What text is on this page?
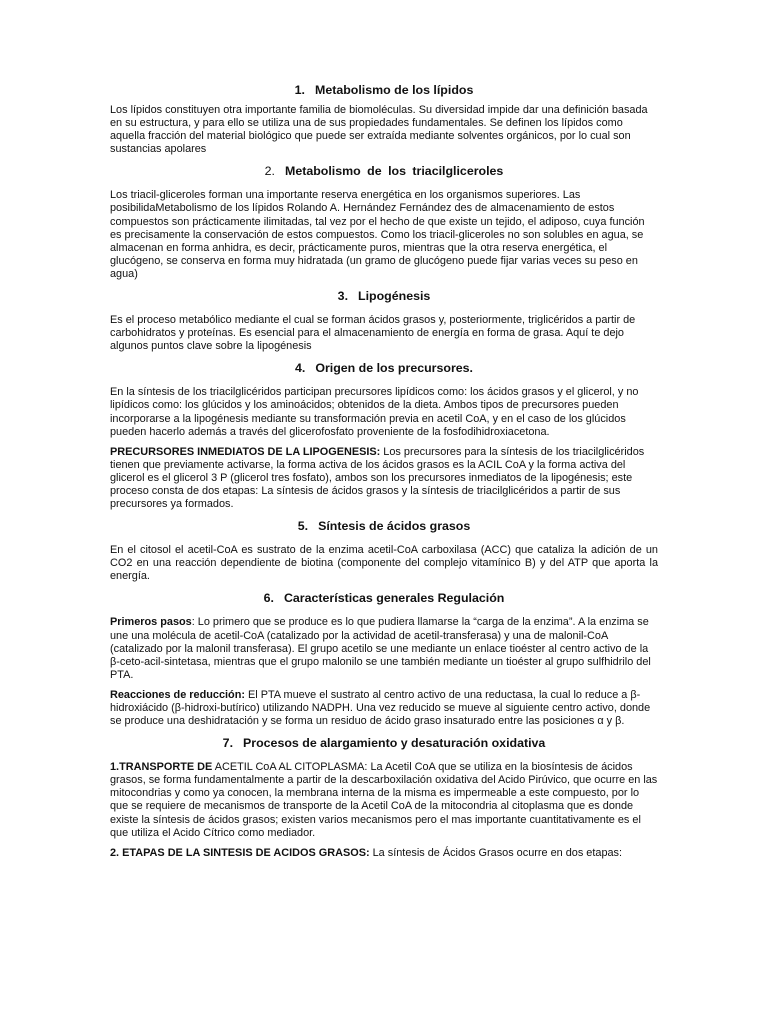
1. Metabolismo de los lípidos

Los lípidos constituyen otra importante familia de biomoléculas. Su diversidad impide dar una definición basada en su estructura, y para ello se utiliza una de sus propiedades fundamentales. Se definen los lípidos como aquella fracción del material biológico que puede ser extraída mediante solventes orgánicos, por lo cual son sustancias apolares

2. Metabolismo de los triacilgliceroles

Los triacil-gliceroles forman una importante reserva energética en los organismos superiores. Las posibilidaMetabolismo de los lípidos Rolando A. Hernández Fernández des de almacenamiento de estos compuestos son prácticamente ilimitadas, tal vez por el hecho de que existe un tejido, el adiposo, cuya función es precisamente la conservación de estos compuestos. Como los triacil-gliceroles no son solubles en agua, se almacenan en forma anhidra, es decir, prácticamente puros, mientras que la otra reserva energética, el glucógeno, se conserva en forma muy hidratada (un gramo de glucógeno puede fijar varias veces su peso en agua)

3. Lipogénesis

Es el proceso metabólico mediante el cual se forman ácidos grasos y, posteriormente, triglicéridos a partir de carbohidratos y proteínas. Es esencial para el almacenamiento de energía en forma de grasa. Aquí te dejo algunos puntos clave sobre la lipogénesis

4. Origen de los precursores.

En la síntesis de los triacilglicéridos participan precursores lipídicos como: los ácidos grasos y el glicerol, y no lipídicos como: los glúcidos y los aminoácidos; obtenidos de la dieta. Ambos tipos de precursores pueden incorporarse a la lipogénesis mediante su transformación previa en acetil CoA, y en el caso de los glúcidos pueden hacerlo además a través del glicerofosfato proveniente de la fosfodihidroxiacetona.

PRECURSORES INMEDIATOS DE LA LIPOGENESIS: Los precursores para la síntesis de los triacilglicéridos tienen que previamente activarse, la forma activa de los ácidos grasos es la ACIL CoA y la forma activa del glicerol es el glicerol 3 P (glicerol tres fosfato), ambos son los precursores inmediatos de la lipogénesis; este proceso consta de dos etapas: La síntesis de ácidos grasos y la síntesis de triacilglicéridos a partir de sus precursores ya formados.

5. Síntesis de ácidos grasos

En el citosol el acetil-CoA es sustrato de la enzima acetil-CoA carboxilasa (ACC) que cataliza la adición de un CO2 en una reacción dependiente de biotina (componente del complejo vitamínico B) y del ATP que aporta la energía.

6. Características generales Regulación

Primeros pasos: Lo primero que se produce es lo que pudiera llamarse la “carga de la enzima”. A la enzima se une una molécula de acetil-CoA (catalizado por la actividad de acetil-transferasa) y una de malonil-CoA (catalizado por la malonil transferasa). El grupo acetilo se une mediante un enlace tioéster al centro activo de la β-ceto-acil-sintetasa, mientras que el grupo malonilo se une también mediante un tioéster al grupo sulfhidrilo del PTA.

Reacciones de reducción: El PTA mueve el sustrato al centro activo de una reductasa, la cual lo reduce a β-hidroxiácido (β-hidroxi-butírico) utilizando NADPH. Una vez reducido se mueve al siguiente centro activo, donde se produce una deshidratación y se forma un residuo de ácido graso insaturado entre las posiciones α y β.

7. Procesos de alargamiento y desaturación oxidativa

1.TRANSPORTE DE ACETIL CoA AL CITOPLASMA: La Acetil CoA que se utiliza en la biosíntesis de ácidos grasos, se forma fundamentalmente a partir de la descarboxilación oxidativa del Acido Pirúvico, que ocurre en las mitocondrias y como ya conocen, la membrana interna de la misma es impermeable a este compuesto, por lo que se requiere de mecanismos de transporte de la Acetil CoA de la mitocondria al citoplasma que es donde existe la síntesis de ácidos grasos; existen varios mecanismos pero el mas importante cuantitativamente es el que utiliza el Acido Cítrico como mediador.

2. ETAPAS DE LA SINTESIS DE ACIDOS GRASOS: La síntesis de Ácidos Grasos ocurre en dos etapas:
